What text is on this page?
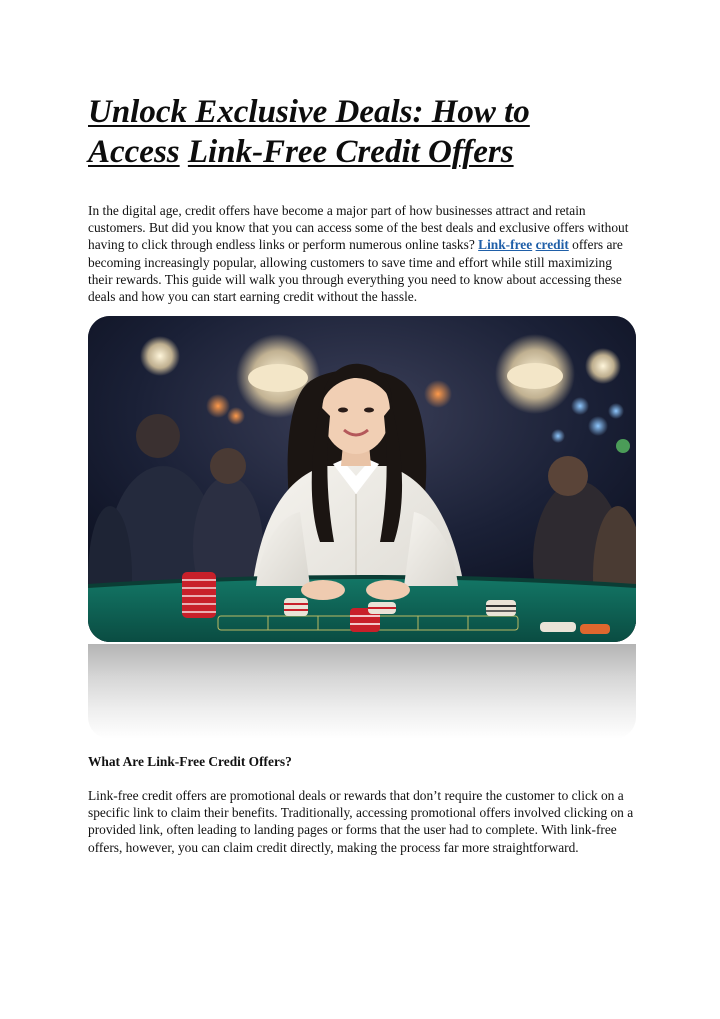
Unlock Exclusive Deals: How to
Access Link-Free Credit Offers

In the digital age, credit offers have become a major part of how businesses attract and retain customers. But did you know that you can access some of the best deals and exclusive offers without having to click through endless links or perform numerous online tasks? Link-free credit offers are becoming increasingly popular, allowing customers to save time and effort while still maximizing their rewards. This guide will walk you through everything you need to know about accessing these deals and how you can start earning credit without the hassle.

What Are Link-Free Credit Offers?

Link-free credit offers are promotional deals or rewards that don’t require the customer to click on a specific link to claim their benefits. Traditionally, accessing promotional offers involved clicking on a provided link, often leading to landing pages or forms that the user had to complete. With link-free offers, however, you can claim credit directly, making the process far more straightforward.
